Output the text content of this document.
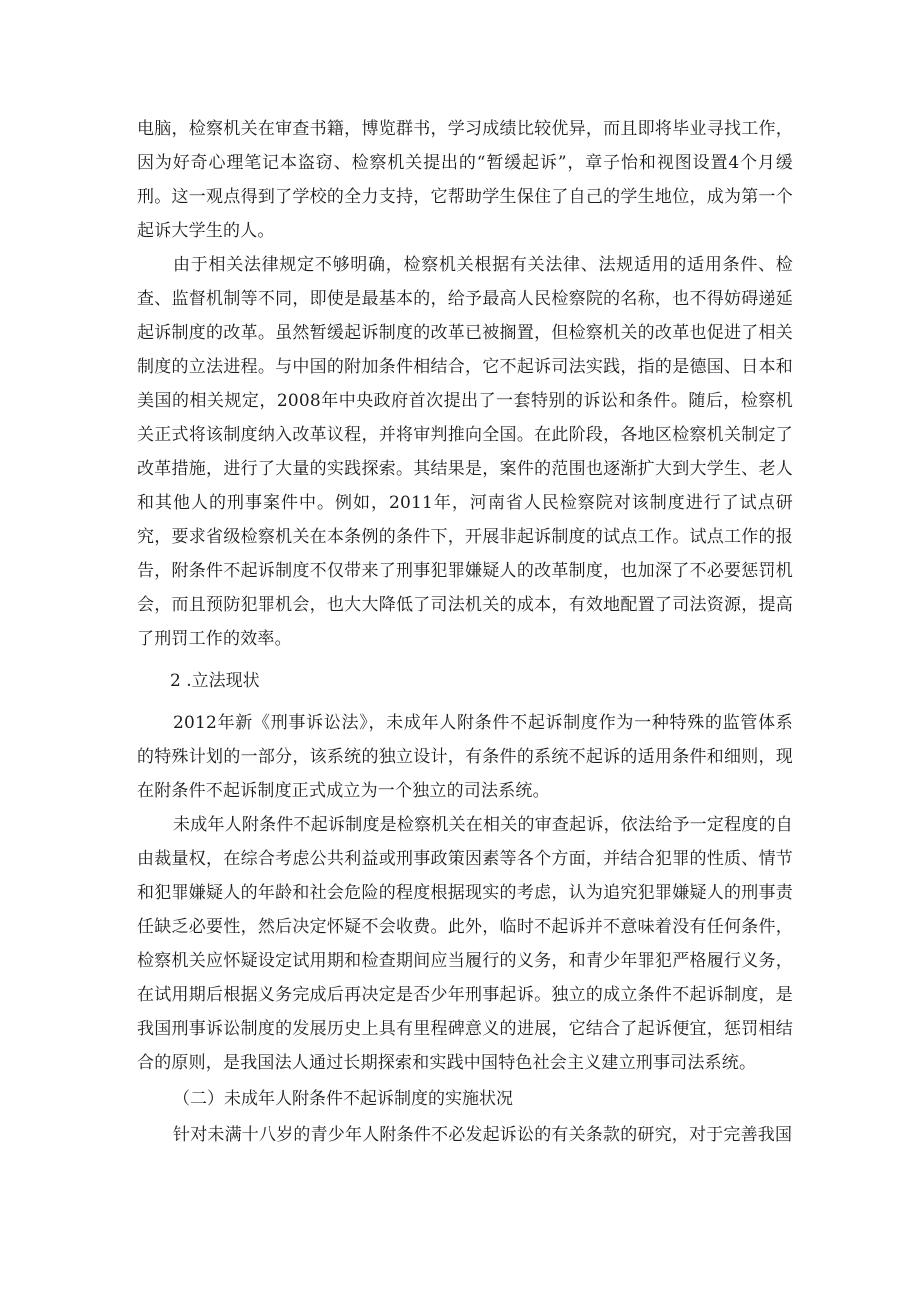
电脑，检察机关在审查书籍，博览群书，学习成绩比较优异，而且即将毕业寻找工作，因为好奇心理笔记本盗窃、检察机关提出的“暂缓起诉”，章子怡和视图设置4个月缓刑。这一观点得到了学校的全力支持，它帮助学生保住了自己的学生地位，成为第一个起诉大学生的人。

由于相关法律规定不够明确，检察机关根据有关法律、法规适用的适用条件、检查、监督机制等不同，即使是最基本的，给予最高人民检察院的名称，也不得妨碍递延起诉制度的改革。虽然暂缓起诉制度的改革已被搁置，但检察机关的改革也促进了相关制度的立法进程。与中国的附加条件相结合，它不起诉司法实践，指的是德国、日本和美国的相关规定，2008年中央政府首次提出了一套特别的诉讼和条件。随后，检察机关正式将该制度纳入改革议程，并将审判推向全国。在此阶段，各地区检察机关制定了改革措施，进行了大量的实践探索。其结果是，案件的范围也逐渐扩大到大学生、老人和其他人的刑事案件中。例如，2011年，河南省人民检察院对该制度进行了试点研究，要求省级检察机关在本条例的条件下，开展非起诉制度的试点工作。试点工作的报告，附条件不起诉制度不仅带来了刑事犯罪嫌疑人的改革制度，也加深了不必要惩罚机会，而且预防犯罪机会，也大大降低了司法机关的成本，有效地配置了司法资源，提高了刑罚工作的效率。

2 .立法现状

2012年新《刑事诉讼法》，未成年人附条件不起诉制度作为一种特殊的监管体系的特殊计划的一部分，该系统的独立设计，有条件的系统不起诉的适用条件和细则，现在附条件不起诉制度正式成立为一个独立的司法系统。

未成年人附条件不起诉制度是检察机关在相关的审查起诉，依法给予一定程度的自由裁量权，在综合考虑公共利益或刑事政策因素等各个方面，并结合犯罪的性质、情节和犯罪嫌疑人的年龄和社会危险的程度根据现实的考虑，认为追究犯罪嫌疑人的刑事责任缺乏必要性，然后决定怀疑不会收费。此外，临时不起诉并不意味着没有任何条件，检察机关应怀疑设定试用期和检查期间应当履行的义务，和青少年罪犯严格履行义务，在试用期后根据义务完成后再决定是否少年刑事起诉。独立的成立条件不起诉制度，是我国刑事诉讼制度的发展历史上具有里程碑意义的进展，它结合了起诉便宜，惩罚相结合的原则，是我国法人通过长期探索和实践中国特色社会主义建立刑事司法系统。

（二）未成年人附条件不起诉制度的实施状况

针对未满十八岁的青少年人附条件不必发起诉讼的有关条款的研究，对于完善我国
